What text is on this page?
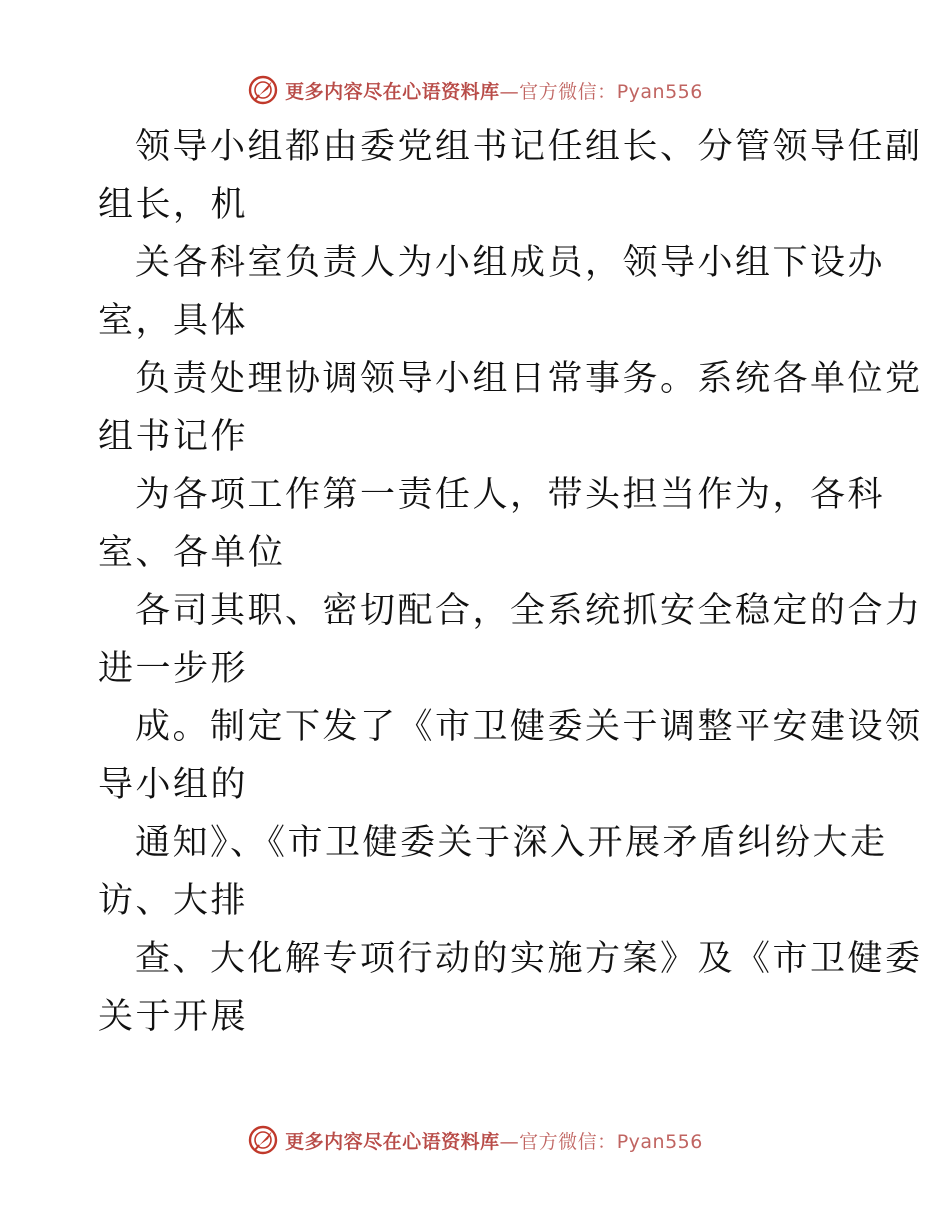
更多内容尽在心语资料库—官方微信：Pyan556
领导小组都由委党组书记任组长、分管领导任副
组长，机
关各科室负责人为小组成员，领导小组下设办
室，具体
负责处理协调领导小组日常事务。系统各单位党
组书记作
为各项工作第一责任人，带头担当作为，各科
室、各单位
各司其职、密切配合，全系统抓安全稳定的合力
进一步形
成。制定下发了《市卫健委关于调整平安建设领
导小组的
通知》、《市卫健委关于深入开展矛盾纠纷大走
访、大排
查、大化解专项行动的实施方案》及《市卫健委
关于开展
更多内容尽在心语资料库—官方微信：Pyan556
